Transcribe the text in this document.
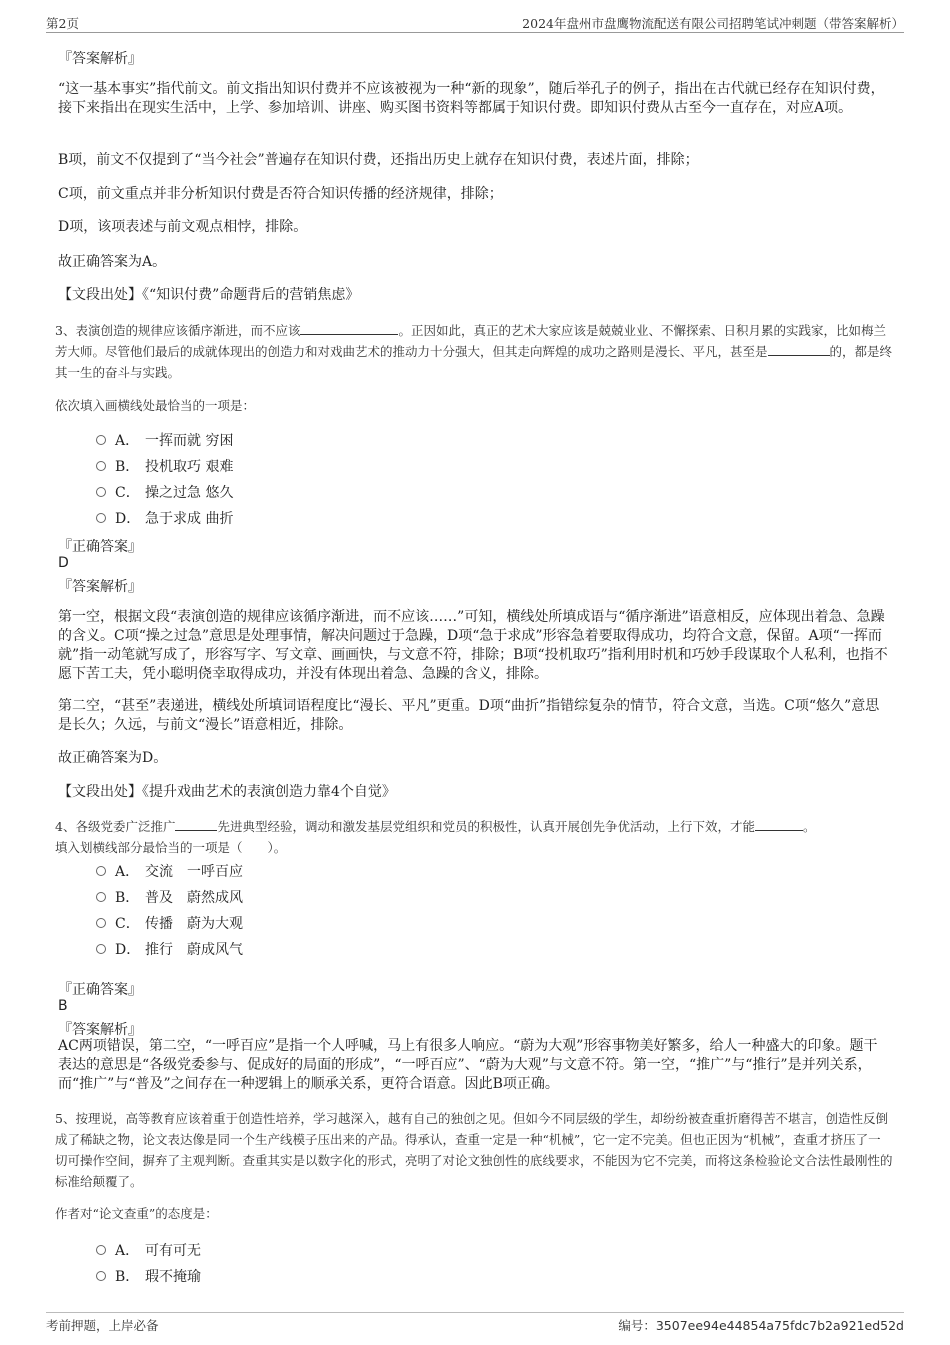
第2页	2024年盘州市盘鹰物流配送有限公司招聘笔试冲刺题（带答案解析）
『答案解析』

“这一基本事实”指代前文。前文指出知识付费并不应该被视为一种“新的现象”，随后举孔子的例子，指出在古代就已经存在知识付费，接下来指出在现实生活中，上学、参加培训、讲座、购买图书资料等都属于知识付费。即知识付费从古至今一直存在，对应A项。

B项，前文不仅提到了“当今社会”普遍存在知识付费，还指出历史上就存在知识付费，表述片面，排除；

C项，前文重点并非分析知识付费是否符合知识传播的经济规律，排除；

D项，该项表述与前文观点相悖，排除。

故正确答案为A。

【文段出处】《“知识付费”命题背后的营销焦虑》

3、表演创造的规律应该循序渐进，而不应该	。正因如此，真正的艺术大家应该是兢兢业业、不懈探索、日积月累的实践家，比如梅兰芳大师。尽管他们最后的成就体现出的创造力和对戏曲艺术的推动力十分强大，但其走向辉煌的成功之路则是漫长、平凡，甚至是	的，都是终其一生的奋斗与实践。

依次填入画横线处最恰当的一项是：
A． 一挥而就 穷困
B． 投机取巧 艰难
C． 操之过急 悠久
D． 急于求成 曲折
『正确答案』
D
『答案解析』

第一空，根据文段“表演创造的规律应该循序渐进，而不应该……”可知，横线处所填成语与“循序渐进”语意相反，应体现出着急、急躁的含义。C项“操之过急”意思是处理事情，解决问题过于急躁，D项“急于求成”形容急着要取得成功，均符合文意，保留。A项“一挥而就”指一动笔就写成了，形容写字、写文章、画画快，与文意不符，排除；B项“投机取巧”指利用时机和巧妙手段谋取个人私利，也指不愿下苦工夫，凭小聪明侥幸取得成功，并没有体现出着急、急躁的含义，排除。

第二空，“甚至”表递进，横线处所填词语程度比“漫长、平凡”更重。D项“曲折”指错综复杂的情节，符合文意，当选。C项“悠久”意思是长久；久远，与前文“漫长”语意相近，排除。

故正确答案为D。

【文段出处】《提升戏曲艺术的表演创造力靠4个自觉》

4、各级党委广泛推广	先进典型经验，调动和激发基层党组织和党员的积极性，认真开展创先争优活动，上行下效，才能	。
填入划横线部分最恰当的一项是（　　）。
A． 交流　一呼百应
B． 普及　蔚然成风
C． 传播　蔚为大观
D． 推行　蔚成风气
『正确答案』
B
『答案解析』

AC两项错误，第二空，“一呼百应”是指一个人呼喊，马上有很多人响应。“蔚为大观”形容事物美好繁多，给人一种盛大的印象。题干表达的意思是“各级党委参与、促成好的局面的形成”，“一呼百应”、“蔚为大观”与文意不符。第一空，“推广”与“推行”是并列关系，而“推广”与“普及”之间存在一种逻辑上的顺承关系，更符合语意。因此B项正确。

5、按理说，高等教育应该着重于创造性培养，学习越深入，越有自己的独创之见。但如今不同层级的学生，却纷纷被查重折磨得苦不堪言，创造性反倒成了稀缺之物，论文表达像是同一个生产线模子压出来的产品。得承认，查重一定是一种“机械”，它一定不完美。但也正因为“机械”，查重才挤压了一切可操作空间，摒弃了主观判断。查重其实是以数字化的形式，亮明了对论文独创性的底线要求，不能因为它不完美，而将这条检验论文合法性最刚性的标准给颠覆了。

作者对“论文查重”的态度是：
A． 可有可无
B． 瑕不掩瑜
考前押题，上岸必备	编号：3507ee94e44854a75fdc7b2a921ed52d
